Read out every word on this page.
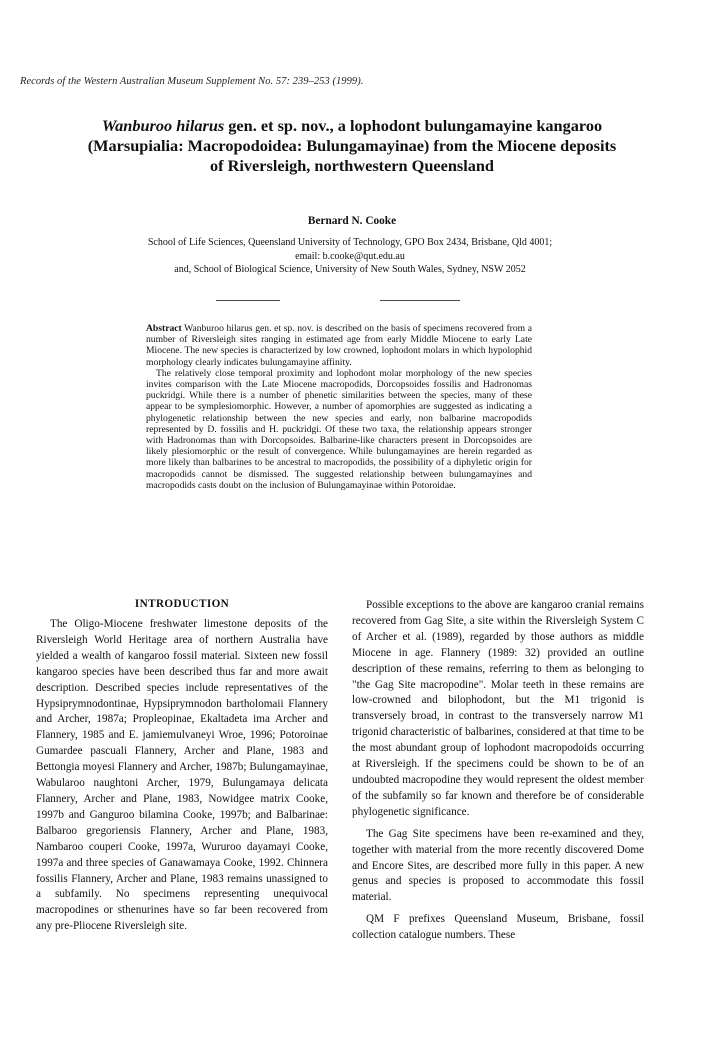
Records of the Western Australian Museum Supplement No. 57: 239–253 (1999).
Wanburoo hilarus gen. et sp. nov., a lophodont bulungamayine kangaroo
(Marsupialia: Macropodoidea: Bulungamayinae) from the Miocene deposits
of Riversleigh, northwestern Queensland
Bernard N. Cooke
School of Life Sciences, Queensland University of Technology, GPO Box 2434, Brisbane, Qld 4001;
email: b.cooke@qut.edu.au
and, School of Biological Science, University of New South Wales, Sydney, NSW 2052

Abstract Wanburoo hilarus gen. et sp. nov. is described on the basis of specimens recovered from a number of Riversleigh sites ranging in estimated age from early Middle Miocene to early Late Miocene. The new species is characterized by low crowned, lophodont molars in which hypolophid morphology clearly indicates bulungamayine affinity.

The relatively close temporal proximity and lophodont molar morphology of the new species invites comparison with the Late Miocene macropodids, Dorcopsoides fossilis and Hadronomas puckridgi. While there is a number of phenetic similarities between the species, many of these appear to be symplesiomorphic. However, a number of apomorphies are suggested as indicating a phylogenetic relationship between the new species and early, non balbarine macropodids represented by D. fossilis and H. puckridgi. Of these two taxa, the relationship appears stronger with Hadronomas than with Dorcopsoides. Balbarine-like characters present in Dorcopsoides are likely plesiomorphic or the result of convergence. While bulungamayines are herein regarded as more likely than balbarines to be ancestral to macropodids, the possibility of a diphyletic origin for macropodids cannot be dismissed. The suggested relationship between bulungamayines and macropodids casts doubt on the inclusion of Bulungamayinae within Potoroidae.

INTRODUCTION

The Oligo-Miocene freshwater limestone deposits of the Riversleigh World Heritage area of northern Australia have yielded a wealth of kangaroo fossil material. Sixteen new fossil kangaroo species have been described thus far and more await description. Described species include representatives of the Hypsiprymnodontinae, Hypsiprymnodon bartholomaii Flannery and Archer, 1987a; Propleopinae, Ekaltadeta ima Archer and Flannery, 1985 and E. jamiemulvaneyi Wroe, 1996; Potoroinae Gumardee pascuali Flannery, Archer and Plane, 1983 and Bettongia moyesi Flannery and Archer, 1987b; Bulungamayinae, Wabularoo naughtoni Archer, 1979, Bulungamaya delicata Flannery, Archer and Plane, 1983, Nowidgee matrix Cooke, 1997b and Ganguroo bilamina Cooke, 1997b; and Balbarinae: Balbaroo gregoriensis Flannery, Archer and Plane, 1983, Nambaroo couperi Cooke, 1997a, Wururoo dayamayi Cooke, 1997a and three species of Ganawamaya Cooke, 1992. Chinnera fossilis Flannery, Archer and Plane, 1983 remains unassigned to a subfamily. No specimens representing unequivocal macropodines or sthenurines have so far been recovered from any pre-Pliocene Riversleigh site.

Possible exceptions to the above are kangaroo cranial remains recovered from Gag Site, a site within the Riversleigh System C of Archer et al. (1989), regarded by those authors as middle Miocene in age. Flannery (1989: 32) provided an outline description of these remains, referring to them as belonging to "the Gag Site macropodine". Molar teeth in these remains are low-crowned and bilophodont, but the M1 trigonid is transversely broad, in contrast to the transversely narrow M1 trigonid characteristic of balbarines, considered at that time to be the most abundant group of lophodont macropodoids occurring at Riversleigh. If the specimens could be shown to be of an undoubted macropodine they would represent the oldest member of the subfamily so far known and therefore be of considerable phylogenetic significance.

The Gag Site specimens have been re-examined and they, together with material from the more recently discovered Dome and Encore Sites, are described more fully in this paper. A new genus and species is proposed to accommodate this fossil material.

QM F prefixes Queensland Museum, Brisbane, fossil collection catalogue numbers. These
